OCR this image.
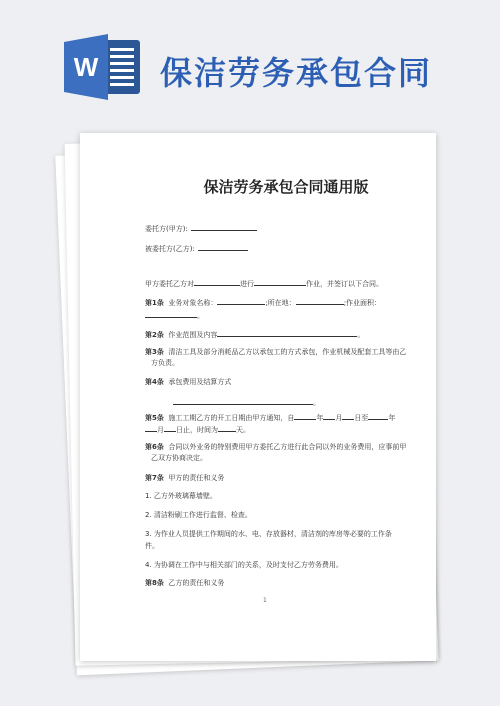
W 保洁劳务承包合同
保洁劳务承包合同通用版
委托方(甲方):
被委托方(乙方):
甲方委托乙方对	进行	作业，并签订以下合同。
第1条 业务对象名称：	;所在地：	;作业面积：
。
第2条 作业范围及内容	。
第3条 清洁工具及部分消耗品乙方以承包工的方式承包，作业机械及配套工具等由乙
方负责。
第4条 承包费用及结算方式
。
第5条 施工工期乙方的开工日期由甲方通知，自	年 月 日至	年
月 日止，时间为	天。
第6条 合同以外业务的特别费用甲方委托乙方进行此合同以外的业务费用，应事前甲
乙双方协商决定。
第7条 甲方的责任和义务
1. 乙方外玻璃幕墙壁。
2. 清洁粉刷工作进行监督、检查。
3. 为作业人员提供工作期间的水、电、存放器材，清洁剂的库房等必要的工作条
件。
4. 为协调在工作中与相关部门的关系，及时支付乙方劳务费用。
第8条 乙方的责任和义务
1
